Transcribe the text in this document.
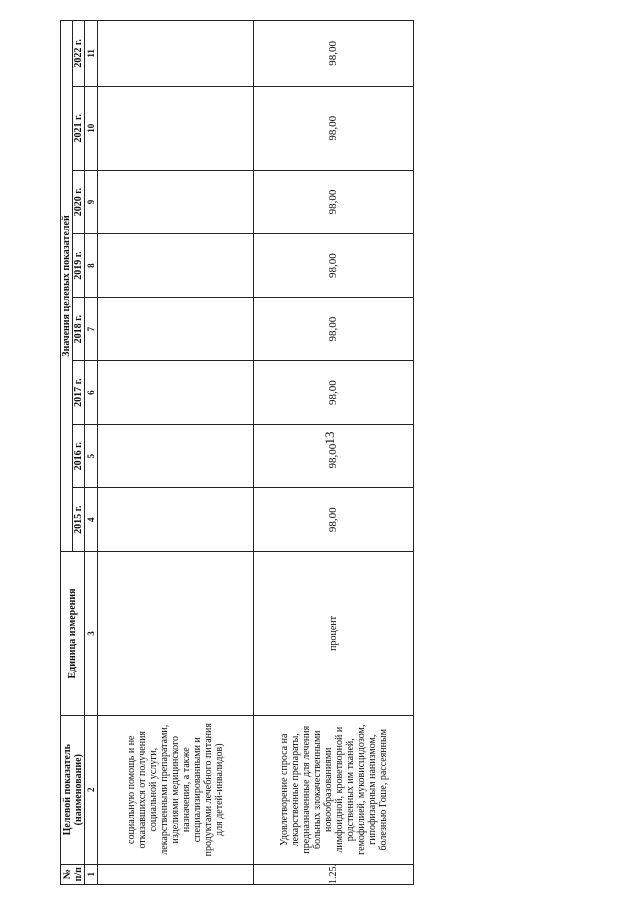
13
№ п/п	Целевой показатель (наименование)	Единица измерения	Значения целевых показателей							
			2015 г.	2016 г.	2017 г.	2018 г.	2019 г.	2020 г.	2021 г.	2022 г.
1	2	3	4	5	6	7	8	9	10	11
	социальную помощь и не отказавшихся от получения социальной услуги, лекарственными препаратами, изделиями медицинского назначения, а также специализированными и продуктами лечебного питания для детей-инвалидов)									
1.25.	Удовлетворение спроса на лекарственные препараты, предназначенные для лечения больных злокачественными новообразованиями лимфоидной, кроветворной и родственных им тканей, гемофилией, муковисцидозом, гипофизарным нанизмом, болезнью Гоше, рассеянным	процент	98,00	98,00	98,00	98,00	98,00	98,00	98,00	98,00
